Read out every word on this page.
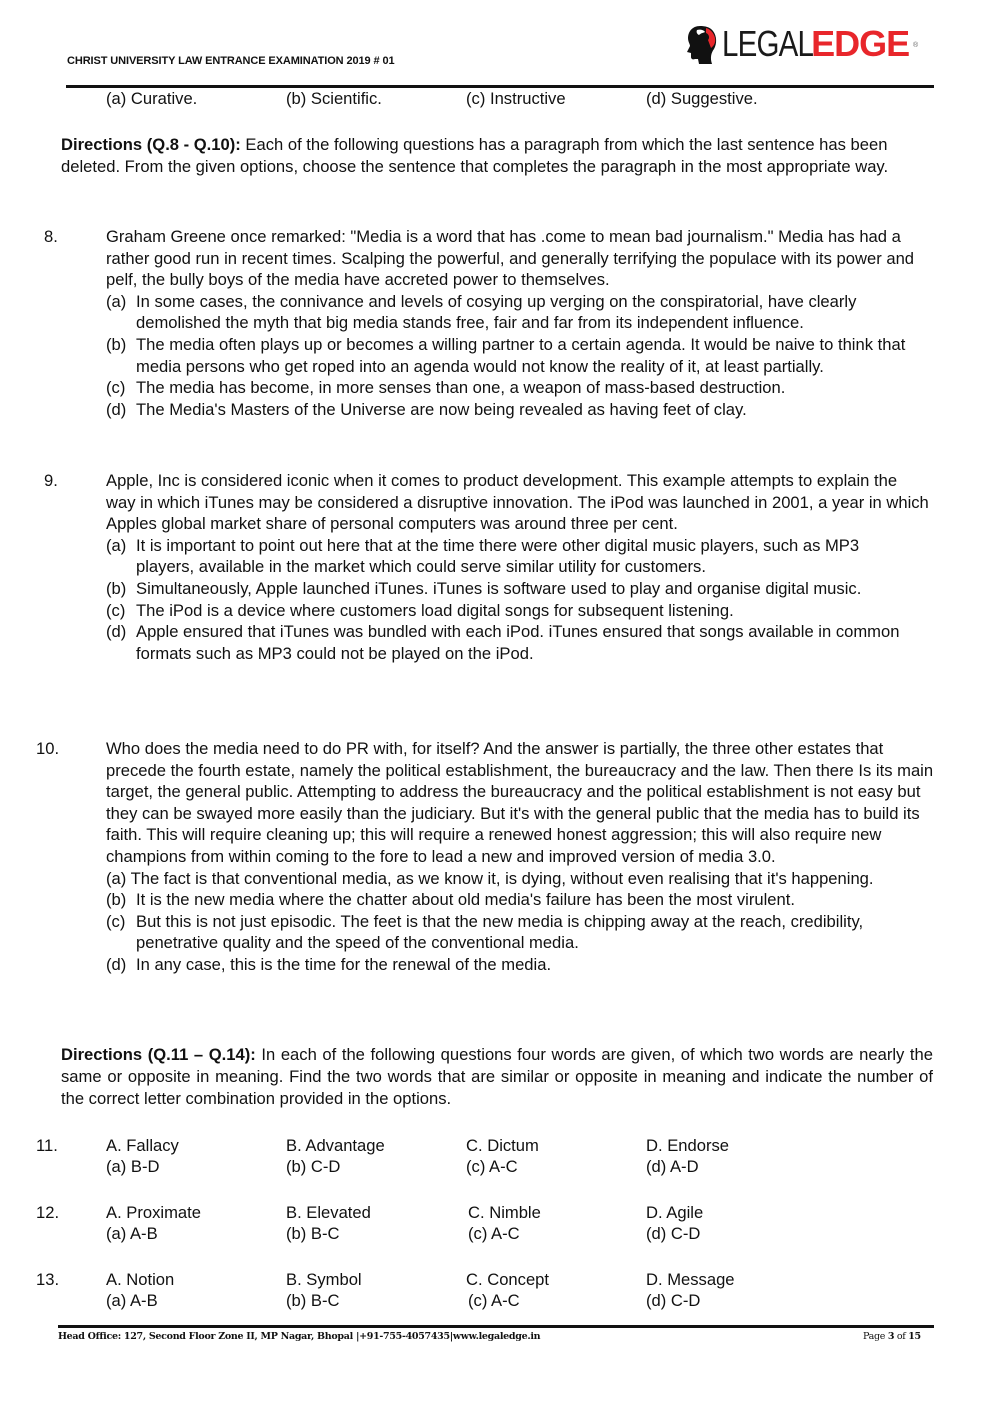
CHRIST UNIVERSITY LAW ENTRANCE EXAMINATION 2019 # 01	LEGALEDGE ®
(a) Curative.	(b) Scientific.	(c) Instructive	(d) Suggestive.
Directions (Q.8 - Q.10): Each of the following questions has a paragraph from which the last sentence has been deleted. From the given options, choose the sentence that completes the paragraph in the most appropriate way.
8.	Graham Greene once remarked: "Media is a word that has .come to mean bad journalism." Media has had a rather good run in recent times. Scalping the powerful, and generally terrifying the populace with its power and pelf, the bully boys of the media have accreted power to themselves.
(a) In some cases, the connivance and levels of cosying up verging on the conspiratorial, have clearly demolished the myth that big media stands free, fair and far from its independent influence.
(b) The media often plays up or becomes a willing partner to a certain agenda. It would be naive to think that media persons who get roped into an agenda would not know the reality of it, at least partially.
(c) The media has become, in more senses than one, a weapon of mass-based destruction.
(d) The Media's Masters of the Universe are now being revealed as having feet of clay.
9.	Apple, Inc is considered iconic when it comes to product development. This example attempts to explain the
way in which iTunes may be considered a disruptive innovation. The iPod was launched in 2001, a year in which Apples global market share of personal computers was around three per cent.
(a) It is important to point out here that at the time there were other digital music players, such as MP3 players, available in the market which could serve similar utility for customers.
(b) Simultaneously, Apple launched iTunes. iTunes is software used to play and organise digital music.
(c) The iPod is a device where customers load digital songs for subsequent listening.
(d) Apple ensured that iTunes was bundled with each iPod. iTunes ensured that songs available in common formats such as MP3 could not be played on the iPod.
10.	Who does the media need to do PR with, for itself? And the answer is partially, the three other estates that precede the fourth estate, namely the political establishment, the bureaucracy and the law. Then there Is its main target, the general public. Attempting to address the bureaucracy and the political establishment is not easy but they can be swayed more easily than the judiciary. But it's with the general public that the media has to build its faith. This will require cleaning up; this will require a renewed honest aggression; this will also require new champions from within coming to the fore to lead a new and improved version of media 3.0.
(a) The fact is that conventional media, as we know it, is dying, without even realising that it's happening.
(b) It is the new media where the chatter about old media's failure has been the most virulent.
(c) But this is not just episodic. The feet is that the new media is chipping away at the reach, credibility, penetrative quality and the speed of the conventional media.
(d) In any case, this is the time for the renewal of the media.
Directions (Q.11 – Q.14): In each of the following questions four words are given, of which two words are nearly the same or opposite in meaning. Find the two words that are similar or opposite in meaning and indicate the number of the correct letter combination provided in the options.
11.	A. Fallacy	B. Advantage	C. Dictum	D. Endorse
(a) B-D	(b) C-D	(c) A-C	(d) A-D
12.	A. Proximate	B. Elevated	C. Nimble	D. Agile
(a) A-B	(b) B-C	(c) A-C	(d) C-D
13.	A. Notion	B. Symbol	C. Concept	D. Message
(a) A-B	(b) B-C	(c) A-C	(d) C-D
Head Office: 127, Second Floor Zone II, MP Nagar, Bhopal |+91-755-4057435|www.legaledge.in	Page 3 of 15
